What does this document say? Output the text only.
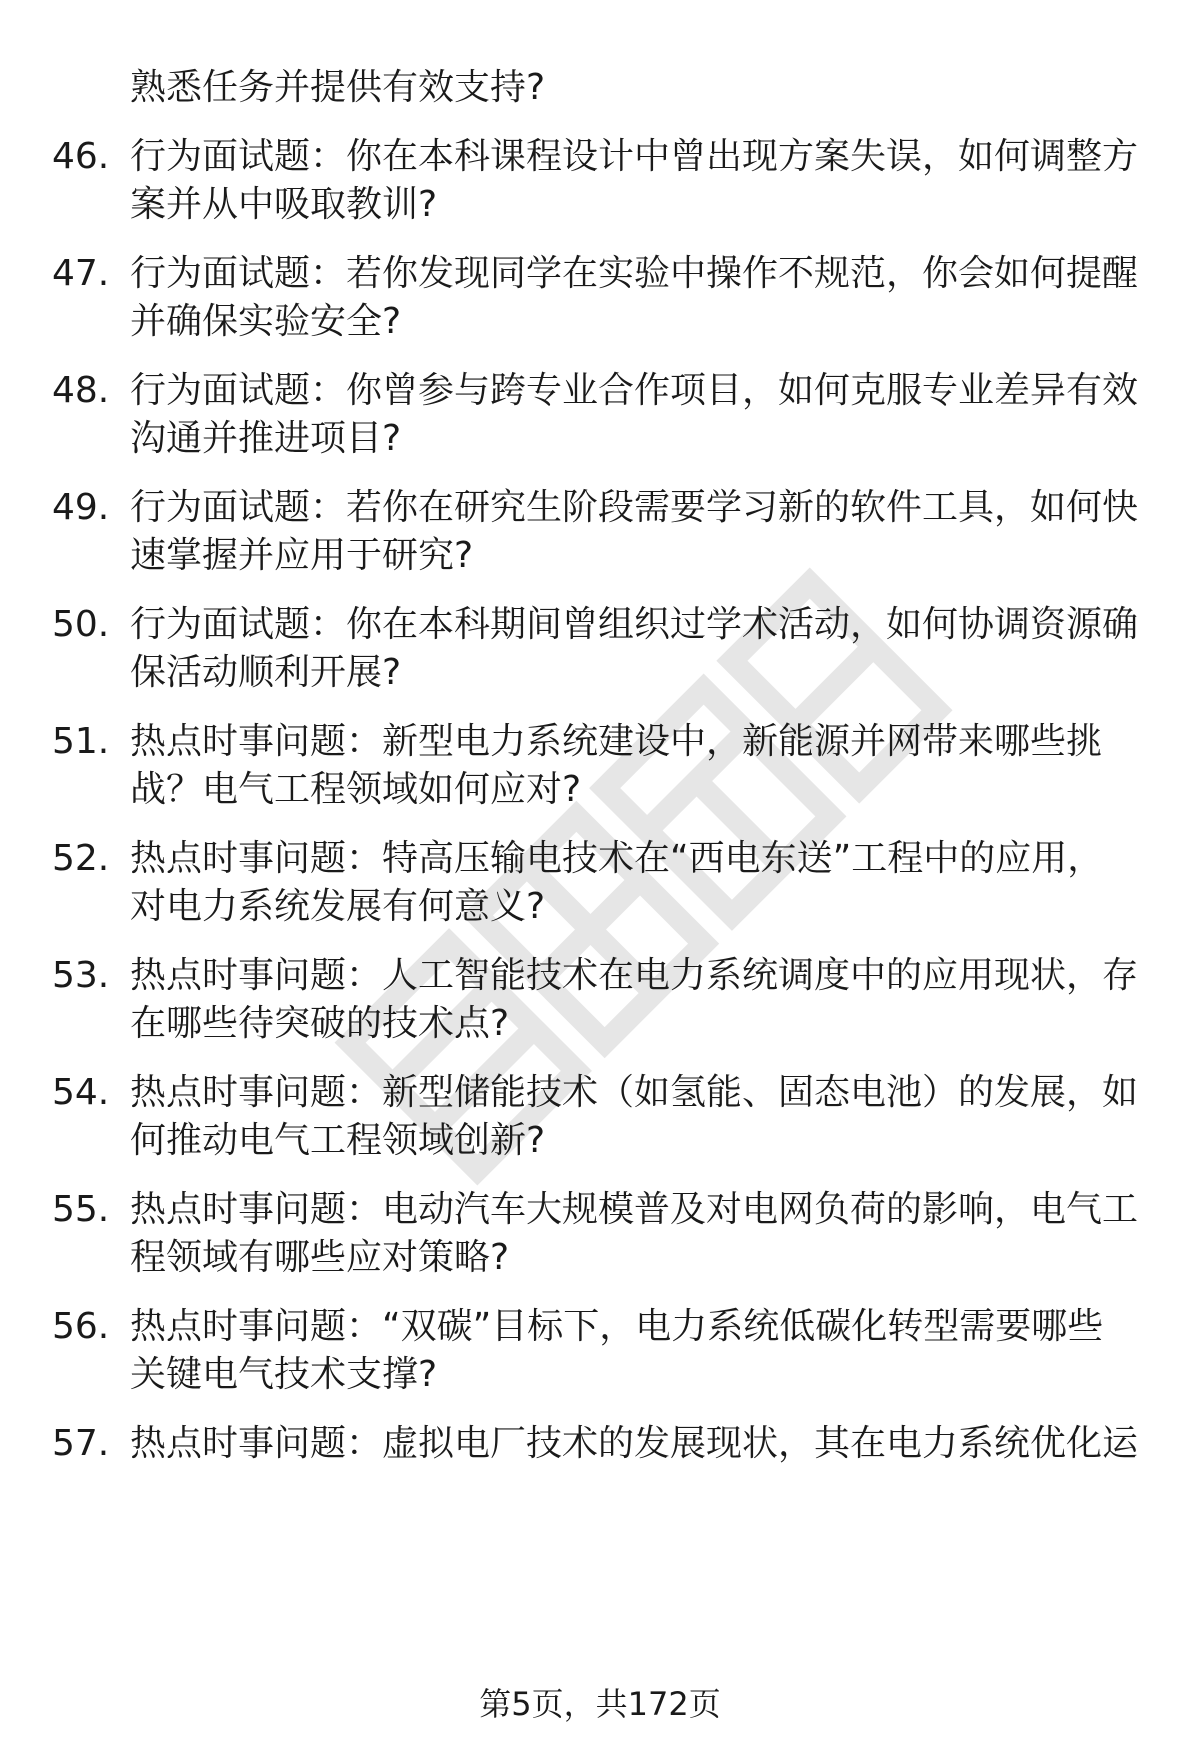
熟悉任务并提供有效支持?
46. 行为面试题：你在本科课程设计中曾出现方案失误，如何调整方
案并从中吸取教训?
47. 行为面试题：若你发现同学在实验中操作不规范，你会如何提醒
并确保实验安全?
48. 行为面试题：你曾参与跨专业合作项目，如何克服专业差异有效
沟通并推进项目?
49. 行为面试题：若你在研究生阶段需要学习新的软件工具，如何快
速掌握并应用于研究?
50. 行为面试题：你在本科期间曾组织过学术活动，如何协调资源确
保活动顺利开展?
51. 热点时事问题：新型电力系统建设中，新能源并网带来哪些挑
战？电气工程领域如何应对?
52. 热点时事问题：特高压输电技术在“西电东送”工程中的应用，
对电力系统发展有何意义?
53. 热点时事问题：人工智能技术在电力系统调度中的应用现状，存
在哪些待突破的技术点?
54. 热点时事问题：新型储能技术（如氢能、固态电池）的发展，如
何推动电气工程领域创新?
55. 热点时事问题：电动汽车大规模普及对电网负荷的影响，电气工
程领域有哪些应对策略?
56. 热点时事问题：“双碳”目标下，电力系统低碳化转型需要哪些
关键电气技术支撑?
57. 热点时事问题：虚拟电厂技术的发展现状，其在电力系统优化运
第5页，共172页
